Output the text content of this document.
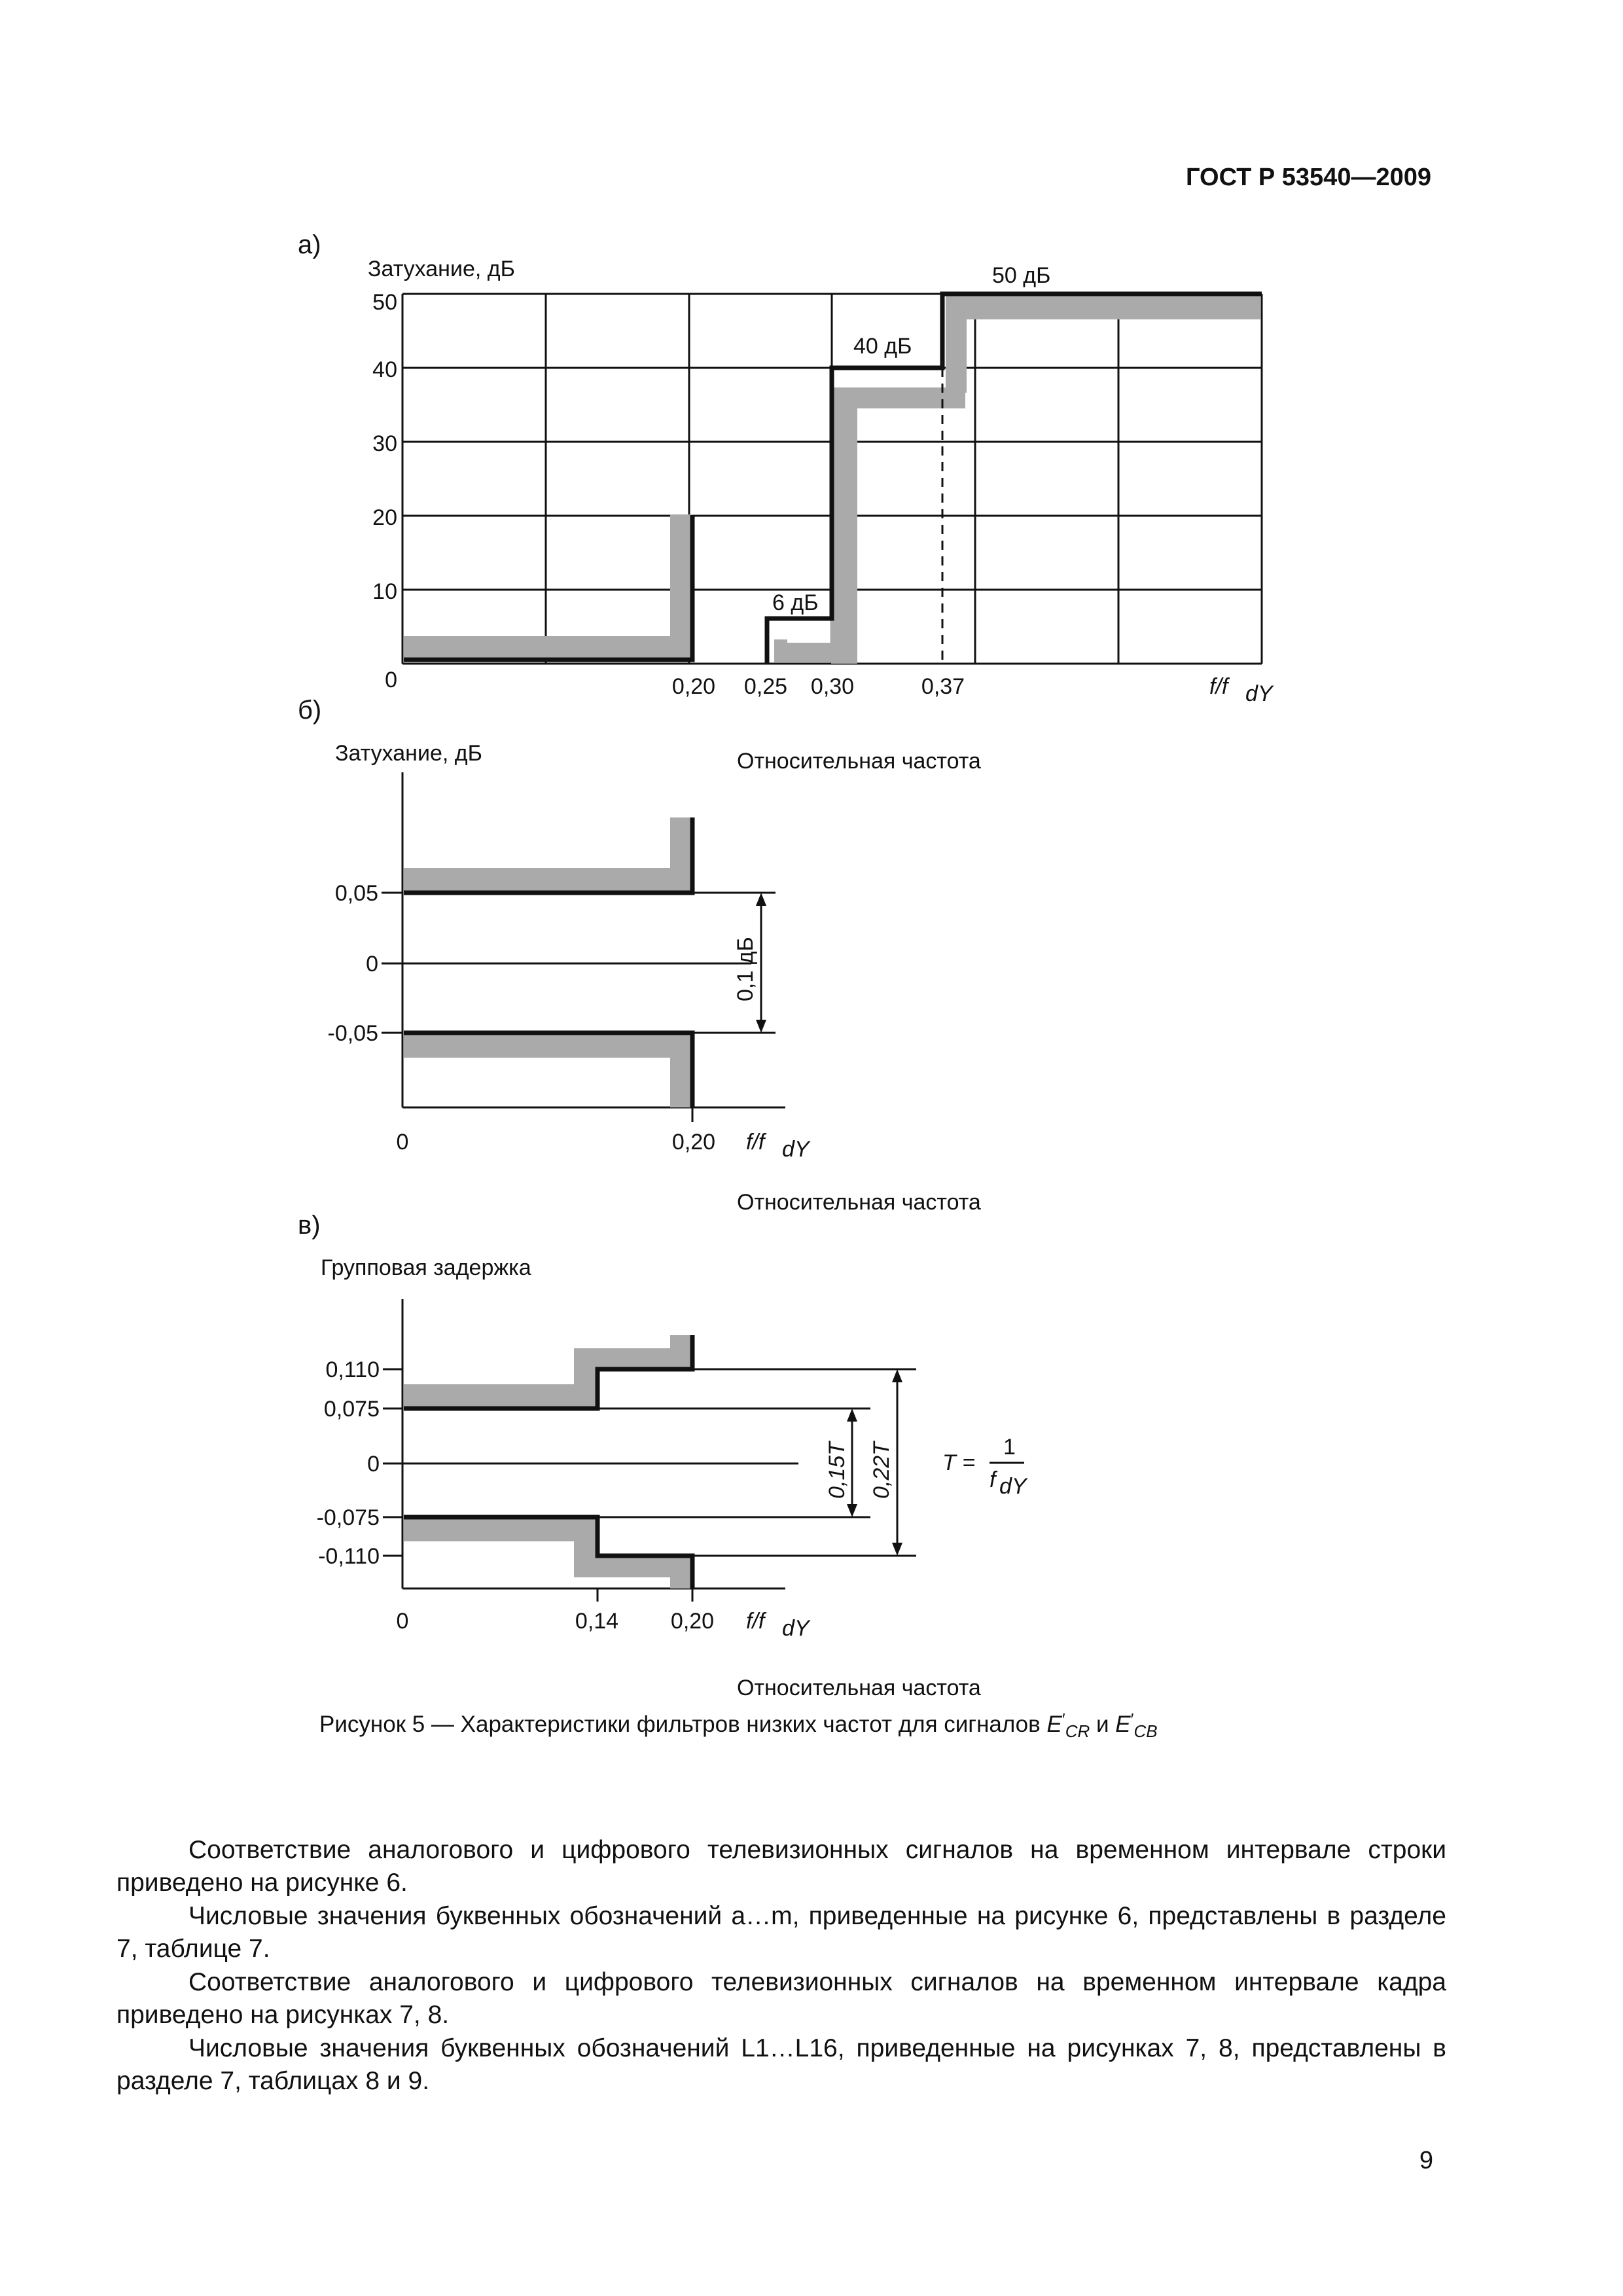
ГОСТ Р 53540—2009
а)
б)
в)
Затухание, дБ
50
40
30
20
10
0	0,20 0,25 0,30	0,37	f/f dY
50 дБ
40 дБ
6 дБ
Затухание, дБ	Относительная частота
0,1 дБ
0,05
0
-0,05
0	0,20 f/f dY
Относительная частота
Групповая задержка
0,15T 0,22T T =
1
f dY
0,110
0,075
0
-0,075
-0,110
0	0,14 0,20 f/f dY
Относительная частота
Рисунок 5 — Характеристики фильтров низких частот для сигналов $E'_{CR}$ и $E'_{CB}$
Соответствие аналогового и цифрового телевизионных сигналов на временном интервале строки приведено на рисунке 6.
Числовые значения буквенных обозначений a…m, приведенные на рисунке 6, представлены в разделе 7, таблице 7.
Соответствие аналогового и цифрового телевизионных сигналов на временном интервале кадра приведено на рисунках 7, 8.
Числовые значения буквенных обозначений L1…L16, приведенные на рисунках 7, 8, представлены в разделе 7, таблицах 8 и 9.
9
